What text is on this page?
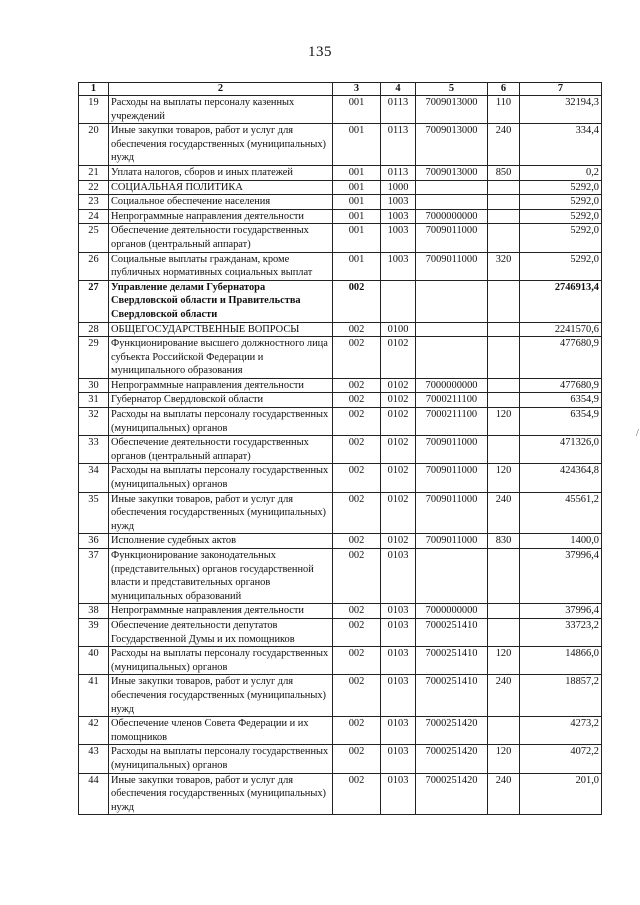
135
1	2	3	4	5	6	7
19	Расходы на выплаты персоналу казенных учреждений	001	0113	7009013000	110	32194,3
20	Иные закупки товаров, работ и услуг для обеспечения государственных (муниципальных) нужд	001	0113	7009013000	240	334,4
21	Уплата налогов, сборов и иных платежей	001	0113	7009013000	850	0,2
22	СОЦИАЛЬНАЯ ПОЛИТИКА	001	1000			5292,0
23	Социальное обеспечение населения	001	1003			5292,0
24	Непрограммные направления деятельности	001	1003	7000000000		5292,0
25	Обеспечение деятельности государственных органов (центральный аппарат)	001	1003	7009011000		5292,0
26	Социальные выплаты гражданам, кроме публичных нормативных социальных выплат	001	1003	7009011000	320	5292,0
27	Управление делами Губернатора Свердловской области и Правительства Свердловской области	002				2746913,4
28	ОБЩЕГОСУДАРСТВЕННЫЕ ВОПРОСЫ	002	0100			2241570,6
29	Функционирование высшего должностного лица субъекта Российской Федерации и муниципального образования	002	0102			477680,9
30	Непрограммные направления деятельности	002	0102	7000000000		477680,9
31	Губернатор Свердловской области	002	0102	7000211100		6354,9
32	Расходы на выплаты персоналу государственных (муниципальных) органов	002	0102	7000211100	120	6354,9
33	Обеспечение деятельности государственных органов (центральный аппарат)	002	0102	7009011000		471326,0
34	Расходы на выплаты персоналу государственных (муниципальных) органов	002	0102	7009011000	120	424364,8
35	Иные закупки товаров, работ и услуг для обеспечения государственных (муниципальных) нужд	002	0102	7009011000	240	45561,2
36	Исполнение судебных актов	002	0102	7009011000	830	1400,0
37	Функционирование законодательных (представительных) органов государственной власти и представительных органов муниципальных образований	002	0103			37996,4
38	Непрограммные направления деятельности	002	0103	7000000000		37996,4
39	Обеспечение деятельности депутатов Государственной Думы и их помощников	002	0103	7000251410		33723,2
40	Расходы на выплаты персоналу государственных (муниципальных) органов	002	0103	7000251410	120	14866,0
41	Иные закупки товаров, работ и услуг для обеспечения государственных (муниципальных) нужд	002	0103	7000251410	240	18857,2
42	Обеспечение членов Совета Федерации и их помощников	002	0103	7000251420		4273,2
43	Расходы на выплаты персоналу государственных (муниципальных) органов	002	0103	7000251420	120	4072,2
44	Иные закупки товаров, работ и услуг для обеспечения государственных (муниципальных) нужд	002	0103	7000251420	240	201,0
/
